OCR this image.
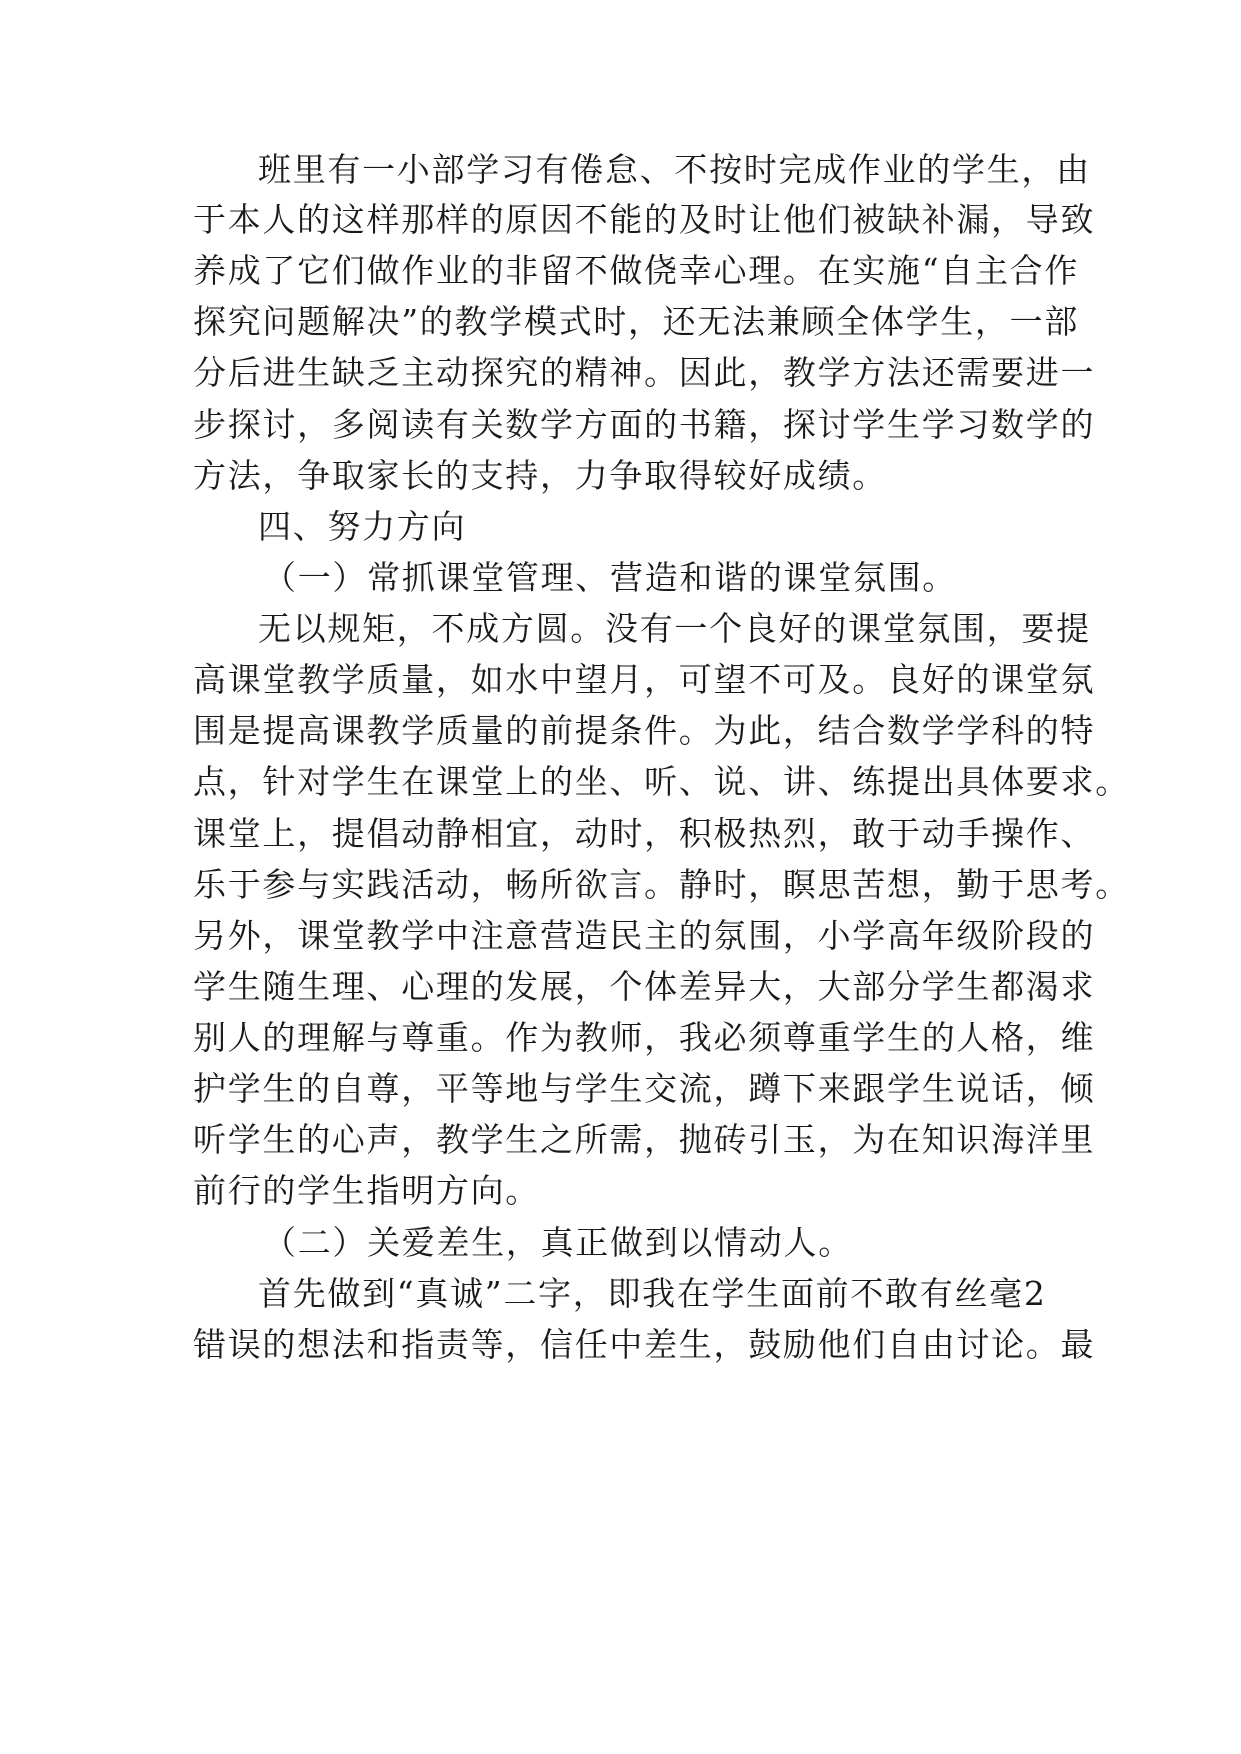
班里有一小部学习有倦怠、不按时完成作业的学生，由
于本人的这样那样的原因不能的及时让他们被缺补漏，导致
养成了它们做作业的非留不做侥幸心理。在实施“自主合作
探究问题解决”的教学模式时，还无法兼顾全体学生，一部
分后进生缺乏主动探究的精神。因此，教学方法还需要进一
步探讨，多阅读有关数学方面的书籍，探讨学生学习数学的
方法，争取家长的支持，力争取得较好成绩。
四、努力方向
（一）常抓课堂管理、营造和谐的课堂氛围。
无以规矩，不成方圆。没有一个良好的课堂氛围，要提
高课堂教学质量，如水中望月，可望不可及。良好的课堂氛
围是提高课教学质量的前提条件。为此，结合数学学科的特
点，针对学生在课堂上的坐、听、说、讲、练提出具体要求。
课堂上，提倡动静相宜，动时，积极热烈，敢于动手操作、
乐于参与实践活动，畅所欲言。静时，瞑思苦想，勤于思考。
另外，课堂教学中注意营造民主的氛围，小学高年级阶段的
学生随生理、心理的发展，个体差异大，大部分学生都渴求
别人的理解与尊重。作为教师，我必须尊重学生的人格，维
护学生的自尊，平等地与学生交流，蹲下来跟学生说话，倾
听学生的心声，教学生之所需，抛砖引玉，为在知识海洋里
前行的学生指明方向。
（二）关爱差生，真正做到以情动人。
首先做到“真诚”二字，即我在学生面前不敢有丝毫2
错误的想法和指责等，信任中差生，鼓励他们自由讨论。最
